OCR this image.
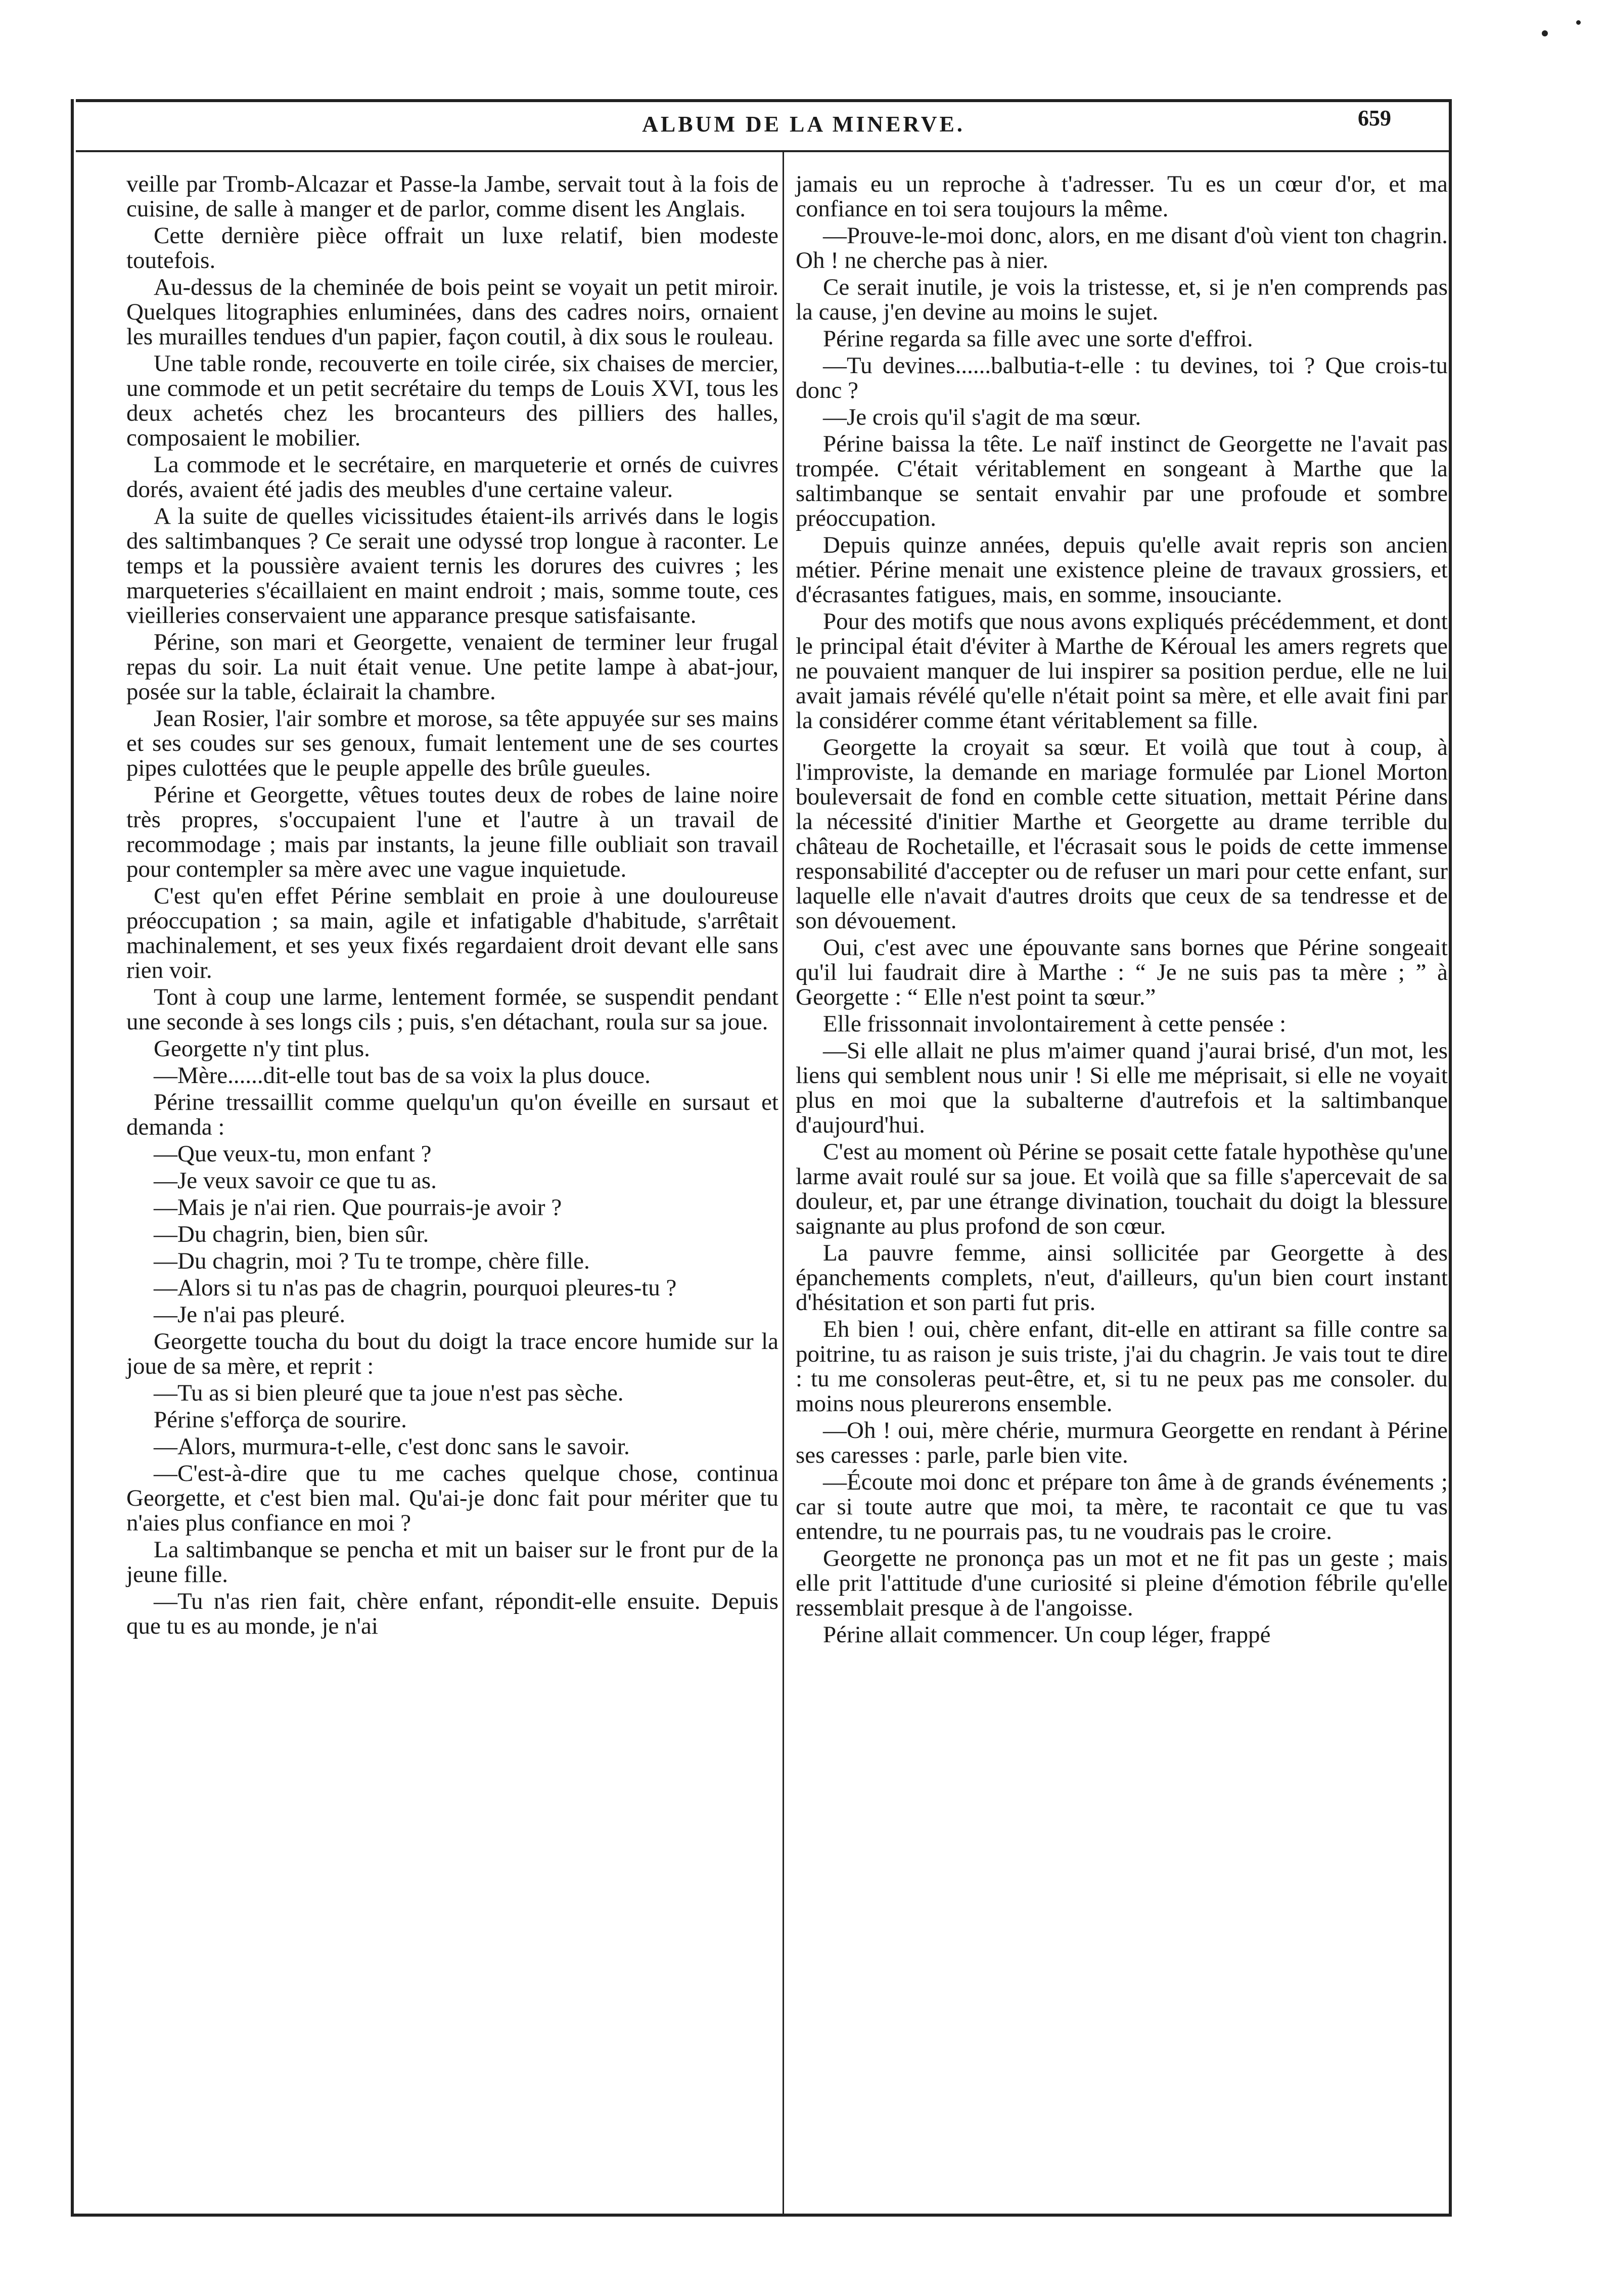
ALBUM DE LA MINERVE.	659

veille par Tromb-Alcazar et Passe-la Jambe, servait tout à la fois de cuisine, de salle à manger et de parlor, comme disent les Anglais.

Cette dernière pièce offrait un luxe relatif, bien modeste toutefois.

Au-dessus de la cheminée de bois peint se voyait un petit miroir. Quelques litographies enluminées, dans des cadres noirs, ornaient les murailles tendues d'un papier, façon coutil, à dix sous le rouleau.

Une table ronde, recouverte en toile cirée, six chaises de mercier, une commode et un petit secrétaire du temps de Louis XVI, tous les deux achetés chez les brocanteurs des pilliers des halles, composaient le mobilier.

La commode et le secrétaire, en marqueterie et ornés de cuivres dorés, avaient été jadis des meubles d'une certaine valeur.

A la suite de quelles vicissitudes étaient-ils arrivés dans le logis des saltimbanques ? Ce serait une odyssé trop longue à raconter. Le temps et la poussière avaient ternis les dorures des cuivres ; les marqueteries s'écaillaient en maint endroit ; mais, somme toute, ces vieilleries conservaient une apparance presque satisfaisante.

Périne, son mari et Georgette, venaient de terminer leur frugal repas du soir. La nuit était venue. Une petite lampe à abat-jour, posée sur la table, éclairait la chambre.

Jean Rosier, l'air sombre et morose, sa tête appuyée sur ses mains et ses coudes sur ses genoux, fumait lentement une de ses courtes pipes culottées que le peuple appelle des brûle gueules.

Périne et Georgette, vêtues toutes deux de robes de laine noire très propres, s'occupaient l'une et l'autre à un travail de recommodage ; mais par instants, la jeune fille oubliait son travail pour contempler sa mère avec une vague inquietude.

C'est qu'en effet Périne semblait en proie à une douloureuse préoccupation ; sa main, agile et infatigable d'habitude, s'arrêtait machinalement, et ses yeux fixés regardaient droit devant elle sans rien voir.

Tont à coup une larme, lentement formée, se suspendit pendant une seconde à ses longs cils ; puis, s'en détachant, roula sur sa joue.

Georgette n'y tint plus.

—Mère......dit-elle tout bas de sa voix la plus douce.

Périne tressaillit comme quelqu'un qu'on éveille en sursaut et demanda :

—Que veux-tu, mon enfant ?

—Je veux savoir ce que tu as.

—Mais je n'ai rien. Que pourrais-je avoir ?

—Du chagrin, bien, bien sûr.

—Du chagrin, moi ? Tu te trompe, chère fille.

—Alors si tu n'as pas de chagrin, pourquoi pleures-tu ?

—Je n'ai pas pleuré.

Georgette toucha du bout du doigt la trace encore humide sur la joue de sa mère, et reprit :

—Tu as si bien pleuré que ta joue n'est pas sèche.

Périne s'efforça de sourire.

—Alors, murmura-t-elle, c'est donc sans le savoir.

—C'est-à-dire que tu me caches quelque chose, continua Georgette, et c'est bien mal. Qu'ai-je donc fait pour mériter que tu n'aies plus confiance en moi ?

La saltimbanque se pencha et mit un baiser sur le front pur de la jeune fille.

—Tu n'as rien fait, chère enfant, répondit-elle ensuite. Depuis que tu es au monde, je n'ai

jamais eu un reproche à t'adresser. Tu es un cœur d'or, et ma confiance en toi sera toujours la même.

—Prouve-le-moi donc, alors, en me disant d'où vient ton chagrin. Oh ! ne cherche pas à nier.

Ce serait inutile, je vois la tristesse, et, si je n'en comprends pas la cause, j'en devine au moins le sujet.

Périne regarda sa fille avec une sorte d'effroi.

—Tu devines......balbutia-t-elle : tu devines, toi ? Que crois-tu donc ?

—Je crois qu'il s'agit de ma sœur.

Périne baissa la tête. Le naïf instinct de Georgette ne l'avait pas trompée. C'était véritablement en songeant à Marthe que la saltimbanque se sentait envahir par une profoude et sombre préoccupation.

Depuis quinze années, depuis qu'elle avait repris son ancien métier. Périne menait une existence pleine de travaux grossiers, et d'écrasantes fatigues, mais, en somme, insouciante.

Pour des motifs que nous avons expliqués précédemment, et dont le principal était d'éviter à Marthe de Kéroual les amers regrets que ne pouvaient manquer de lui inspirer sa position perdue, elle ne lui avait jamais révélé qu'elle n'était point sa mère, et elle avait fini par la considérer comme étant véritablement sa fille.

Georgette la croyait sa sœur. Et voilà que tout à coup, à l'improviste, la demande en mariage formulée par Lionel Morton bouleversait de fond en comble cette situation, mettait Périne dans la nécessité d'initier Marthe et Georgette au drame terrible du château de Rochetaille, et l'écrasait sous le poids de cette immense responsabilité d'accepter ou de refuser un mari pour cette enfant, sur laquelle elle n'avait d'autres droits que ceux de sa tendresse et de son dévouement.

Oui, c'est avec une épouvante sans bornes que Périne songeait qu'il lui faudrait dire à Marthe : “ Je ne suis pas ta mère ; ” à Georgette : “ Elle n'est point ta sœur.”

Elle frissonnait involontairement à cette pensée :

—Si elle allait ne plus m'aimer quand j'aurai brisé, d'un mot, les liens qui semblent nous unir ! Si elle me méprisait, si elle ne voyait plus en moi que la subalterne d'autrefois et la saltimbanque d'aujourd'hui.

C'est au moment où Périne se posait cette fatale hypothèse qu'une larme avait roulé sur sa joue. Et voilà que sa fille s'apercevait de sa douleur, et, par une étrange divination, touchait du doigt la blessure saignante au plus profond de son cœur.

La pauvre femme, ainsi sollicitée par Georgette à des épanchements complets, n'eut, d'ailleurs, qu'un bien court instant d'hésitation et son parti fut pris.

Eh bien ! oui, chère enfant, dit-elle en attirant sa fille contre sa poitrine, tu as raison je suis triste, j'ai du chagrin. Je vais tout te dire : tu me consoleras peut-être, et, si tu ne peux pas me consoler. du moins nous pleurerons ensemble.

—Oh ! oui, mère chérie, murmura Georgette en rendant à Périne ses caresses : parle, parle bien vite.

—Écoute moi donc et prépare ton âme à de grands événements ; car si toute autre que moi, ta mère, te racontait ce que tu vas entendre, tu ne pourrais pas, tu ne voudrais pas le croire.

Georgette ne prononça pas un mot et ne fit pas un geste ; mais elle prit l'attitude d'une curiosité si pleine d'émotion fébrile qu'elle ressemblait presque à de l'angoisse.

Périne allait commencer. Un coup léger, frappé
